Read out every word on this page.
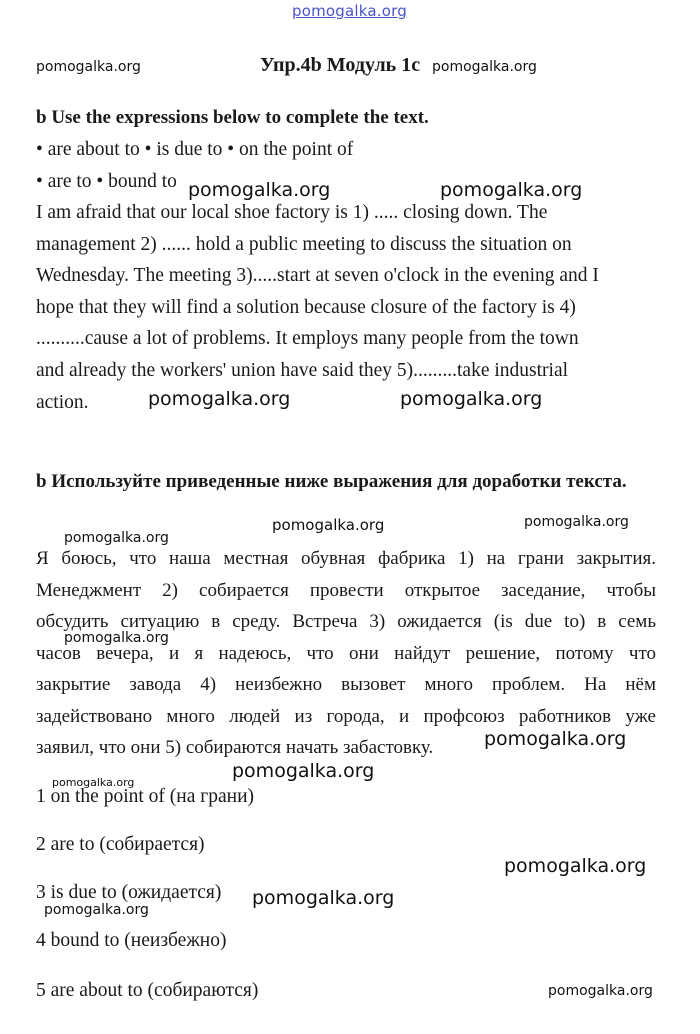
pomogalka.org
pomogalka.org	Упр.4b Модуль 1с pomogalka.org
b Use the expressions below to complete the text.
• are about to • is due to • on the point of
• are to • bound to
I am afraid that our local shoe factory is 1) ..... closing down. The
management 2) ...... hold a public meeting to discuss the situation on
Wednesday. The meeting 3).....start at seven o'clock in the evening and I
hope that they will find a solution because closure of the factory is 4)
..........cause a lot of problems. It employs many people from the town
and already the workers' union have said they 5).........take industrial
action.
pomogalka.org	pomogalka.org
pomogalka.org	pomogalka.org
b Используйте приведенные ниже выражения для доработки текста.

Я боюсь, что наша местная обувная фабрика 1) на грани закрытия.

Менеджмент 2) собирается провести открытое заседание, чтобы

обсудить ситуацию в среду. Встреча 3) ожидается (is due to) в семь

часов вечера, и я надеюсь, что они найдут решение, потому что

закрытие завода 4) неизбежно вызовет много проблем. На нём

задействовано много людей из города, и профсоюз работников уже

заявил, что они 5) собираются начать забастовку.

pomogalka.org	pomogalka.org
pomogalka.org
pomogalka.org
pomogalka.org
pomogalka.org
pomogalka.org
1 on the point of (на грани)
2 are to (собирается)
3 is due to (ожидается)
4 bound to (неизбежно)
5 are about to (собираются)
pomogalka.org
pomogalka.org
pomogalka.org
pomogalka.org
